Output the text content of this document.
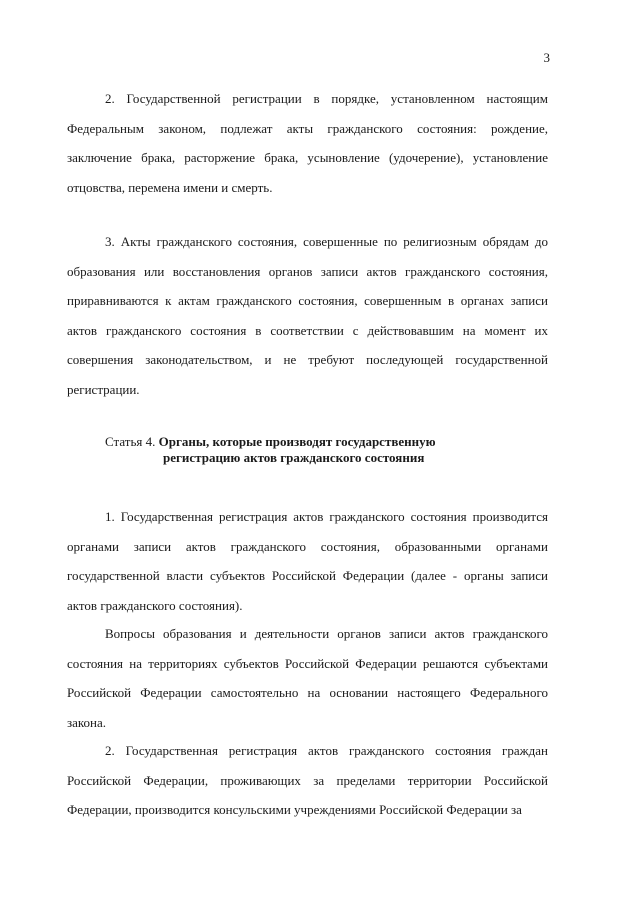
3

2. Государственной регистрации в порядке, установленном настоящим Федеральным законом, подлежат акты гражданского состояния: рождение, заключение брака, расторжение брака, усыновление (удочерение), установление отцовства, перемена имени и смерть.

3. Акты гражданского состояния, совершенные по религиозным обрядам до образования или восстановления органов записи актов гражданского состояния, приравниваются к актам гражданского состояния, совершенным в органах записи актов гражданского состояния в соответствии с действовавшим на момент их совершения законодательством, и не требуют последующей государственной регистрации.

Статья 4. Органы, которые производят государственную
регистрацию актов гражданского состояния

1. Государственная регистрация актов гражданского состояния производится органами записи актов гражданского состояния, образованными органами государственной власти субъектов Российской Федерации (далее - органы записи актов гражданского состояния).

Вопросы образования и деятельности органов записи актов гражданского состояния на территориях субъектов Российской Федерации решаются субъектами Российской Федерации самостоятельно на основании настоящего Федерального закона.

2. Государственная регистрация актов гражданского состояния граждан Российской Федерации, проживающих за пределами территории Российской Федерации, производится консульскими учреждениями Российской Федерации за
